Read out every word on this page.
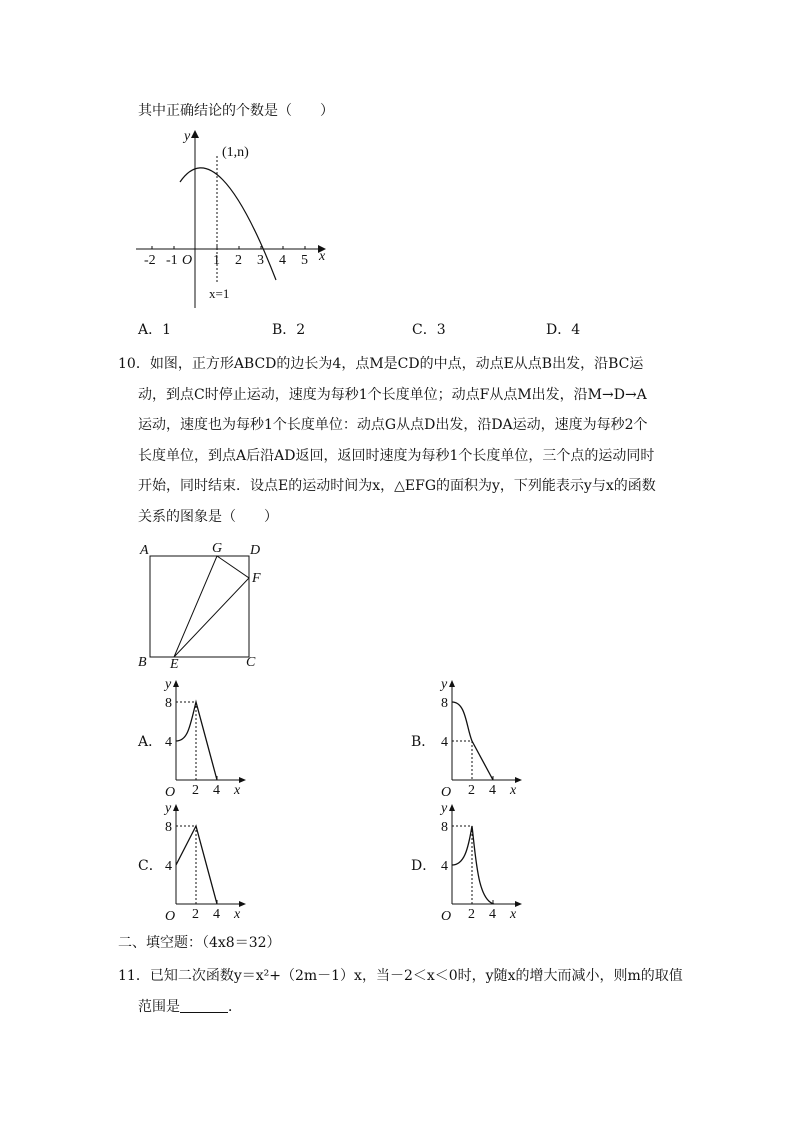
其中正确结论的个数是（　　）
y
x
O
(1,n)
x=1
-2 -1	1 2 3 4 5
A．1	B．2	C．3	D．4
10．如图，正方形ABCD的边长为4，点M是CD的中点，动点E从点B出发，沿BC运
动，到点C时停止运动，速度为每秒1个长度单位；动点F从点M出发，沿M→D→A
运动，速度也为每秒1个长度单位：动点G从点D出发，沿DA运动，速度为每秒2个
长度单位，到点A后沿AD返回，返回时速度为每秒1个长度单位，三个点的运动同时
开始，同时结束．设点E的运动时间为x，△EFG的面积为y，下列能表示y与x的函数
关系的图象是（　　）
A	G D
F
B E	C
A．
y
8
4
O 2 4 x
B．
y
8
4
O 2 4 x
C．
y
8
4
O 2 4 x
D．
y
8
4
O 2 4 x
二、填空题：（4x8＝32）
11．已知二次函数y＝x²+（2m－1）x，当－2＜x＜0时，y随x的增大而减小，则m的取值
范围是	．
